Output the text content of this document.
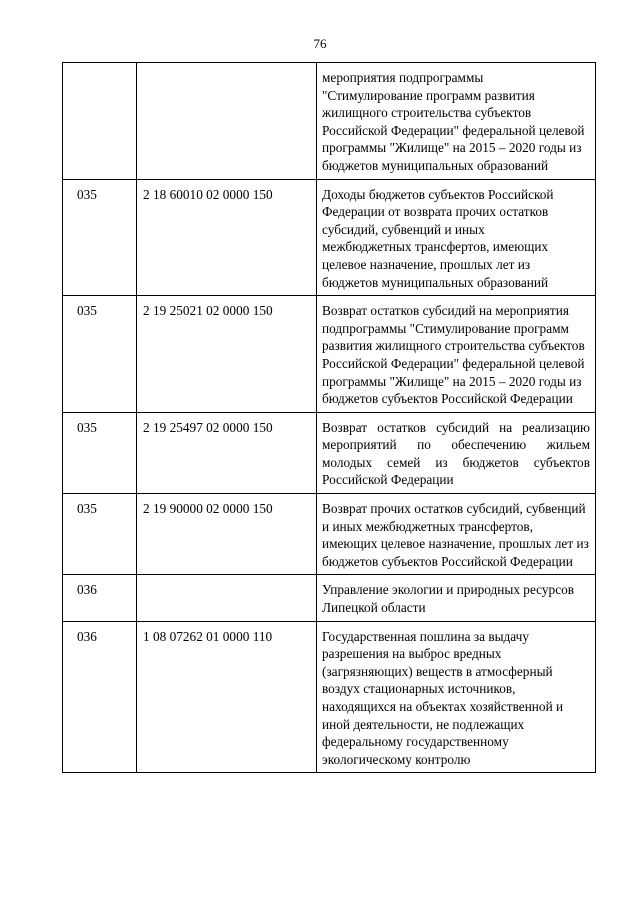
76
		мероприятия подпрограммы "Стимулирование программ развития жилищного строительства субъектов Российской Федерации" федеральной целевой программы "Жилище" на 2015 – 2020 годы из бюджетов муниципальных образований
035	2 18 60010 02 0000 150	Доходы бюджетов субъектов Российской Федерации от возврата прочих остатков субсидий, субвенций и иных межбюджетных трансфертов, имеющих целевое назначение, прошлых лет из бюджетов муниципальных образований
035	2 19 25021 02 0000 150	Возврат остатков субсидий на мероприятия подпрограммы "Стимулирование программ развития жилищного строительства субъектов Российской Федерации" федеральной целевой программы "Жилище" на 2015 – 2020 годы из бюджетов субъектов Российской Федерации
035	2 19 25497 02 0000 150	Возврат остатков субсидий на реализацию
мероприятий по обеспечению жильем
молодых семей из бюджетов субъектов
Российской Федерации

035	2 19 90000 02 0000 150	Возврат прочих остатков субсидий, субвенций и иных межбюджетных трансфертов, имеющих целевое назначение, прошлых лет из бюджетов субъектов Российской Федерации
036		Управление экологии и природных ресурсов Липецкой области
036	1 08 07262 01 0000 110	Государственная пошлина за выдачу разрешения на выброс вредных (загрязняющих) веществ в атмосферный воздух стационарных источников, находящихся на объектах хозяйственной и иной деятельности, не подлежащих федеральному государственному экологическому контролю
